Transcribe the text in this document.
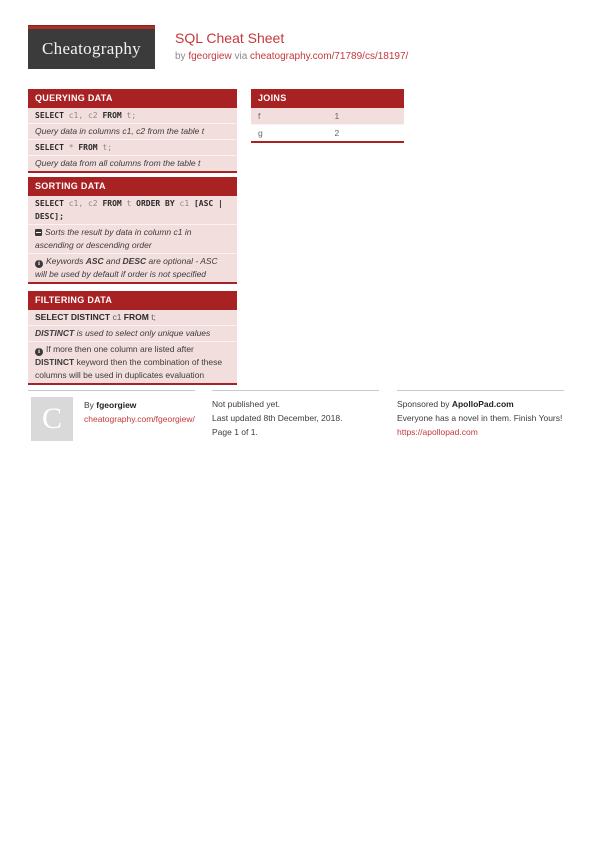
Cheatography
SQL Cheat Sheet
by fgeorgiew via cheatography.com/71789/cs/18197/
QUERYING DATA
SELECT c1, c2 FROM t;
Query data in columns c1, c2 from the table t
SELECT * FROM t;
Query data from all columns from the table t
JOINS
f	1
g	2
SORTING DATA
SELECT c1, c2 FROM t ORDER BY c1 [ASC | DESC];
Sorts the result by data in column c1 in ascending or descending order
iKeywords ASC and DESC are optional - ASC will be used by default if order is not specified
FILTERING DATA
SELECT DISTINCT c1 FROM t;
DISTINCT is used to select only unique values
iIf more then one column are listed after DISTINCT keyword then the combination of these columns will be used in duplicates evaluation
C	By fgeorgiew
cheatography.com/fgeorgiew/
Not published yet.
Last updated 8th December, 2018.
Page 1 of 1.
Sponsored by ApolloPad.com
Everyone has a novel in them. Finish Yours!
https://apollopad.com
